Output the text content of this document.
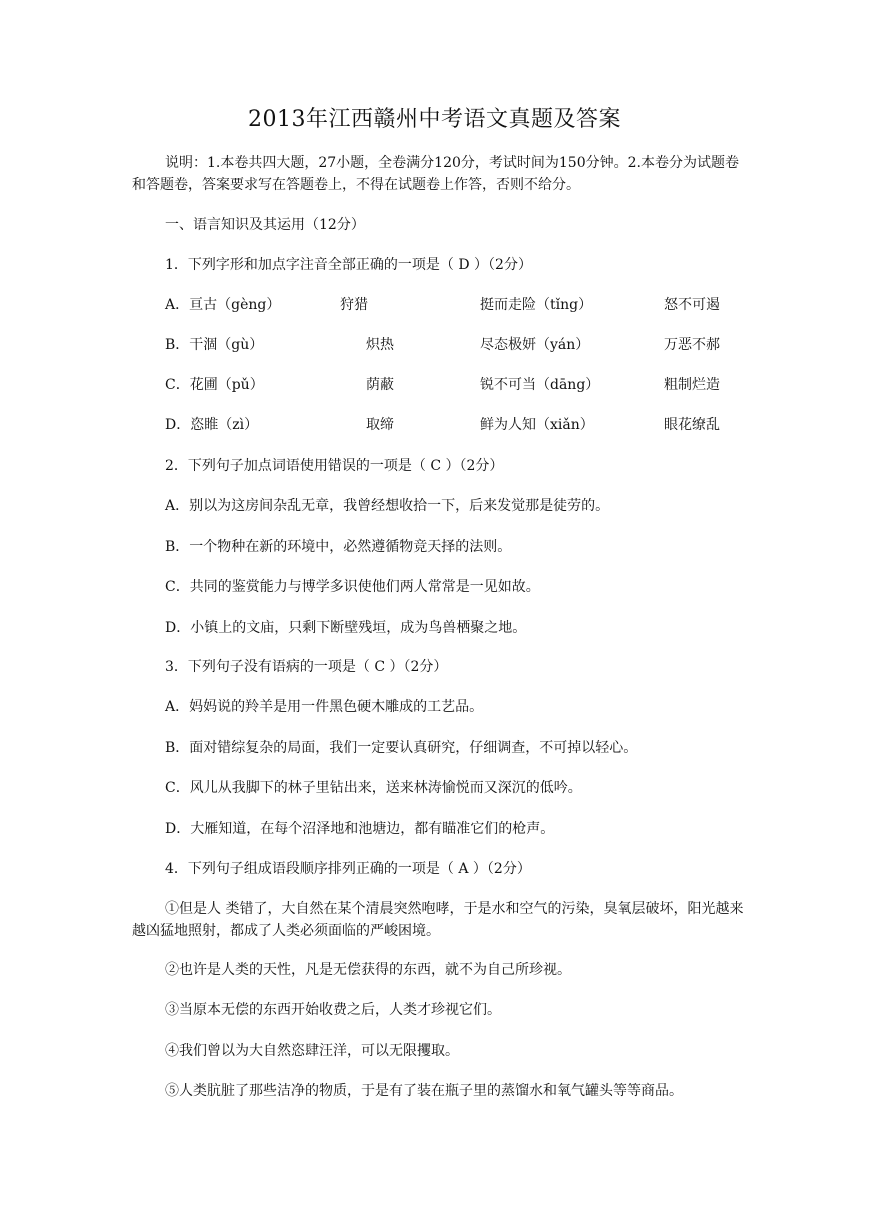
2013年江西赣州中考语文真题及答案
说明：1.本卷共四大题，27小题，全卷满分120分，考试时间为150分钟。2.本卷分为试题卷和答题卷，答案要求写在答题卷上，不得在试题卷上作答，否则不给分。
一、语言知识及其运用（12分）
1．下列字形和加点字注音全部正确的一项是（ D ）（2分）
A．亘古（gèng）	狩猎	挺而走险（tǐng）	怒不可遏
B．干涸（gù）	炽热	尽态极妍（yán）	万恶不郝
C．花圃（pǔ）	荫蔽	锐不可当（dāng）	粗制烂造
D．恣睢（zì）	取缔	鲜为人知（xiǎn）	眼花缭乱
2．下列句子加点词语使用错误的一项是（ C ）（2分）
A．别以为这房间杂乱无章，我曾经想收拾一下，后来发觉那是徒劳的。
B．一个物种在新的环境中，必然遵循物竞天择的法则。
C．共同的鉴赏能力与博学多识使他们两人常常是一见如故。
D．小镇上的文庙，只剩下断壁残垣，成为鸟兽栖聚之地。
3．下列句子没有语病的一项是（ C ）（2分）
A．妈妈说的羚羊是用一件黑色硬木雕成的工艺品。
B．面对错综复杂的局面，我们一定要认真研究，仔细调查，不可掉以轻心。
C．风儿从我脚下的林子里钻出来，送来林涛愉悦而又深沉的低吟。
D．大雁知道，在每个沼泽地和池塘边，都有瞄准它们的枪声。
4．下列句子组成语段顺序排列正确的一项是（ A ）（2分）
①但是人 类错了，大自然在某个清晨突然咆哮，于是水和空气的污染，臭氧层破坏，阳光越来越凶猛地照射，都成了人类必须面临的严峻困境。
②也许是人类的天性，凡是无偿获得的东西，就不为自己所珍视。
③当原本无偿的东西开始收费之后，人类才珍视它们。
④我们曾以为大自然恣肆汪洋，可以无限攫取。
⑤人类肮脏了那些洁净的物质，于是有了装在瓶子里的蒸馏水和氧气罐头等等商品。
